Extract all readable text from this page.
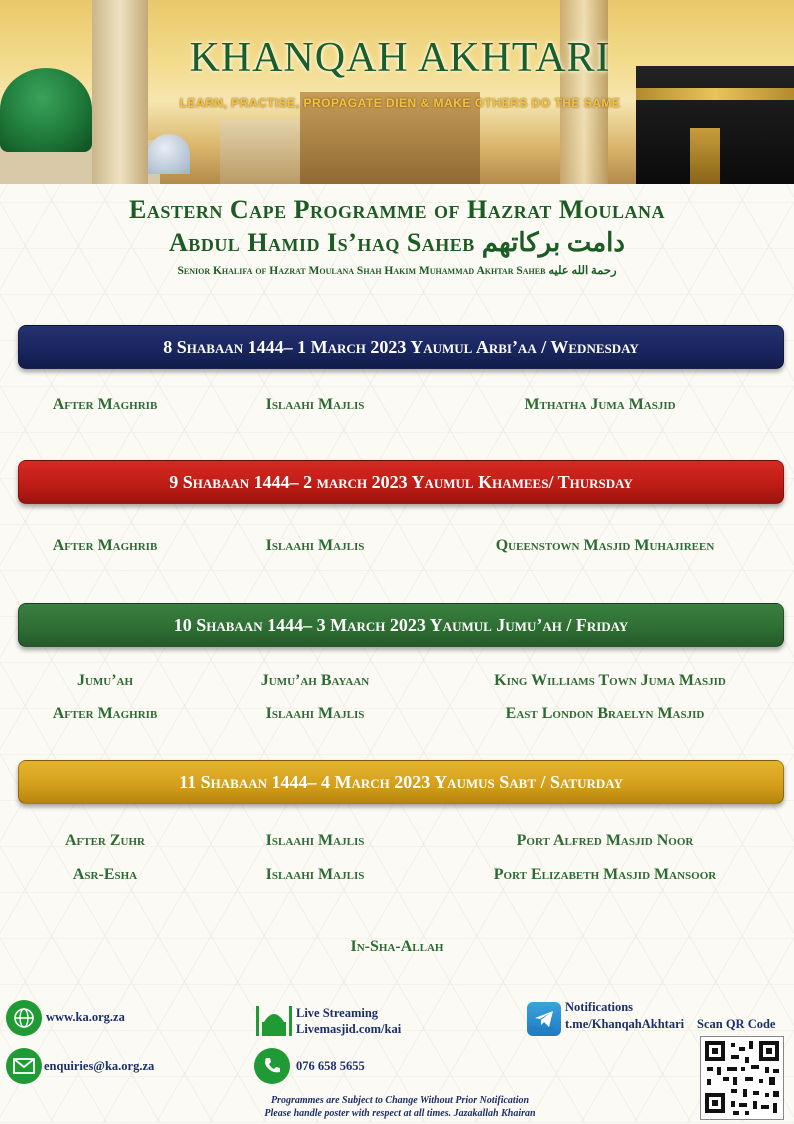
KHANQAH AKHTARI
LEARN, PRACTISE, PROPAGATE DIEN & MAKE OTHERS DO THE SAME
Eastern Cape Programme of Hazrat Moulana
Abdul Hamid Is’haq Saheb دامت برکاتهم
Senior Khalifa of Hazrat Moulana Shah Hakim Muhammad Akhtar Saheb رحمة الله عليه
8 Shabaan 1444– 1 March 2023 Yaumul Arbi’aa / Wednesday
After Maghrib	Islaahi Majlis	Mthatha Juma Masjid
9 Shabaan 1444– 2 march 2023 Yaumul Khamees/ Thursday
After Maghrib	Islaahi Majlis	Queenstown Masjid Muhajireen
10 Shabaan 1444– 3 March 2023 Yaumul Jumu’ah / Friday
Jumu’ah	Jumu’ah Bayaan	King Williams Town Juma Masjid
After Maghrib	Islaahi Majlis	East London Braelyn Masjid
11 Shabaan 1444– 4 March 2023 Yaumus Sabt / Saturday
After Zuhr	Islaahi Majlis	Port Alfred Masjid Noor
Asr-Esha	Islaahi Majlis	Port Elizabeth Masjid Mansoor
In-Sha-Allah
www.ka.org.za
enquiries@ka.org.za
Live Streaming
Livemasjid.com/kai
076 658 5655
Telegram
Notifications
t.me/KhanqahAkhtari Scan QR Code
Programmes are Subject to Change Without Prior Notification
Please handle poster with respect at all times. Jazakallah Khairan
